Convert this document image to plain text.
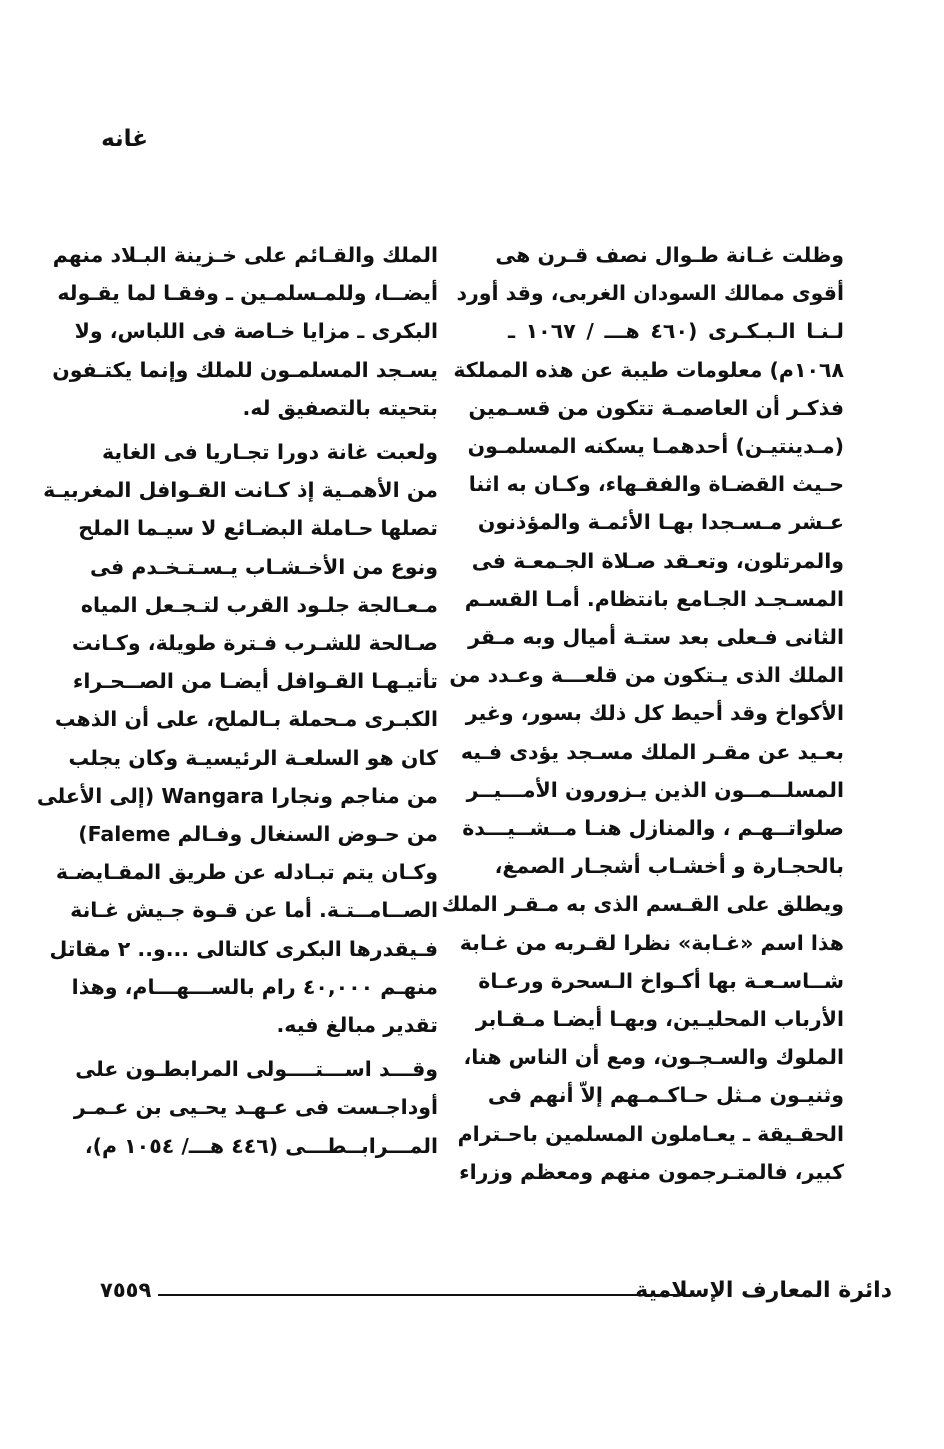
غانه
وظلت غـانة طـوال نصف قـرن هى
أقوى ممالك السودان الغربى، وقد أورد
لـنـا الـبـكـرى (٤٦٠ هـــ / ١٠٦٧ ـ
١٠٦٨م) معلومات طيبة عن هذه المملكة
فذكـر أن العاصمـة تتكون من قسـمين
(مـدينتيـن) أحدهمـا يسكنه المسلمـون
حـيث القضـاة والفقـهاء، وكـان به اثنا
عـشر مـسـجدا بهـا الأئمـة والمؤذنون
والمرتلون، وتعـقد صـلاة الجـمعـة فى
المسـجـد الجـامع بانتظام. أمـا القسـم
الثانى فـعلى بعد ستـة أميال وبه مـقر
الملك الذى يـتكون من قلعـــة وعـدد من
الأكواخ وقد أحيط كل ذلك بسور، وغير
بعـيد عن مقـر الملك مسـجد يؤدى فـيه
المسلــمــون الذين يـزورون الأمـــيــر
صلواتــهـم ، والمنازل هنـا مــشــيـــدة
بالحجـارة و أخشـاب أشجـار الصمغ،
ويطلق على القـسم الذى به مـقـر الملك
هذا اسم «غـابة» نظرا لقـربه من غـابة
شــاسـعـة بها أكـواخ الـسحرة ورعـاة
الأرباب المحليـين، وبهـا أيضـا مـقـابر
الملوك والسـجـون، ومع أن الناس هنا،
وثنيـون مـثل حـاكـمـهم إلاّ أنهم فى
الحقـيقة ـ يعـاملون المسلمين باحـترام
كبير، فالمتـرجمون منهم ومعظم وزراء
الملك والقـائم على خـزينة البـلاد منهم
أيضــا، وللمـسلمـين ـ وفقـا لما يقـوله
البكرى ـ مزايا خـاصة فى اللباس، ولا
يسـجد المسلمـون للملك وإنما يكتـفون
بتحيته بالتصفيق له.
ولعبت غانة دورا تجـاريا فى الغاية
من الأهمـية إذ كـانت القـوافل المغربيـة
تصلها حـاملة البضـائع لا سيـما الملح
ونوع من الأخـشـاب يـسـتـخـدم فى
مـعـالجة جلـود القرب لتـجـعل المياه
صـالحة للشـرب فـترة طويلة، وكـانت
تأتيـهـا القـوافل أيضـا من الصــحـراء
الكبـرى مـحملة بـالملح، على أن الذهب
كان هو السلعـة الرئيسيـة وكان يجلب
من مناجم ونجارا Wangara (إلى الأعلى
من حـوض السنغال وفـالم Faleme)
وكـان يتم تبـادله عن طريق المقـايضـة
الصــامــتـة. أما عن قـوة جـيش غـانة
فـيقدرها البكرى كالتالى ...و.. ٢ مقاتل
منهـم ٤٠,٠٠٠ رام بالســـهـــام، وهذا
تقدير مبالغ فيه.
وقـــد اســـتــــولى المرابطـون على
أوداجـست فى عـهـد يحـيى بن عـمـر
المـــرابــطـــى (٤٤٦ هـــ/ ١٠٥٤ م)،
دائرة المعارف الإسلامية
٧٥٥٩
